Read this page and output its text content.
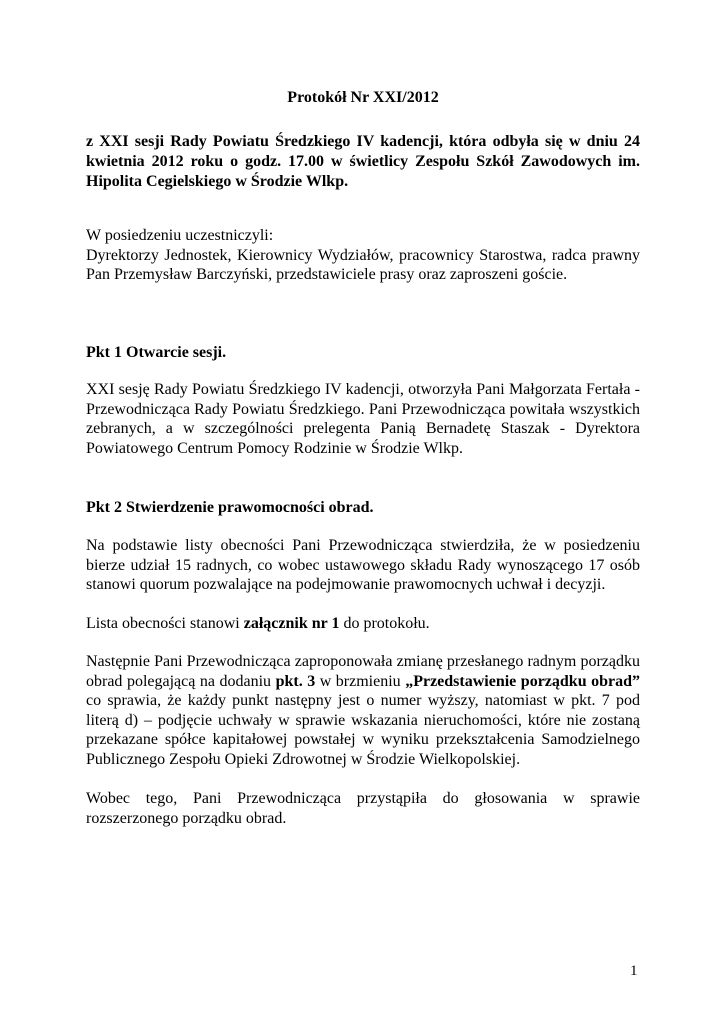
Protokół Nr XXI/2012
z XXI sesji Rady Powiatu Średzkiego IV kadencji, która odbyła się w dniu 24 kwietnia 2012 roku o godz. 17.00 w świetlicy Zespołu Szkół Zawodowych im. Hipolita Cegielskiego w Środzie Wlkp.
W posiedzeniu uczestniczyli:
Dyrektorzy Jednostek, Kierownicy Wydziałów, pracownicy Starostwa, radca prawny Pan Przemysław Barczyński, przedstawiciele prasy oraz zaproszeni goście.
Pkt 1 Otwarcie sesji.
XXI sesję Rady Powiatu Średzkiego IV kadencji, otworzyła Pani Małgorzata Fertała - Przewodnicząca Rady Powiatu Średzkiego. Pani Przewodnicząca powitała wszystkich zebranych, a w szczególności prelegenta Panią Bernadetę Staszak - Dyrektora Powiatowego Centrum Pomocy Rodzinie w Środzie Wlkp.
Pkt 2 Stwierdzenie prawomocności obrad.
Na podstawie listy obecności Pani Przewodnicząca stwierdziła, że w posiedzeniu bierze udział 15 radnych, co wobec ustawowego składu Rady wynoszącego 17 osób stanowi quorum pozwalające na podejmowanie prawomocnych uchwał i decyzji.
Lista obecności stanowi załącznik nr 1 do protokołu.
Następnie Pani Przewodnicząca zaproponowała zmianę przesłanego radnym porządku obrad polegającą na dodaniu pkt. 3 w brzmieniu „Przedstawienie porządku obrad” co sprawia, że każdy punkt następny jest o numer wyższy, natomiast w pkt. 7 pod literą d) – podjęcie uchwały w sprawie wskazania nieruchomości, które nie zostaną przekazane spółce kapitałowej powstałej w wyniku przekształcenia Samodzielnego Publicznego Zespołu Opieki Zdrowotnej w Środzie Wielkopolskiej.
Wobec tego, Pani Przewodnicząca przystąpiła do głosowania w sprawie rozszerzonego porządku obrad.
1
